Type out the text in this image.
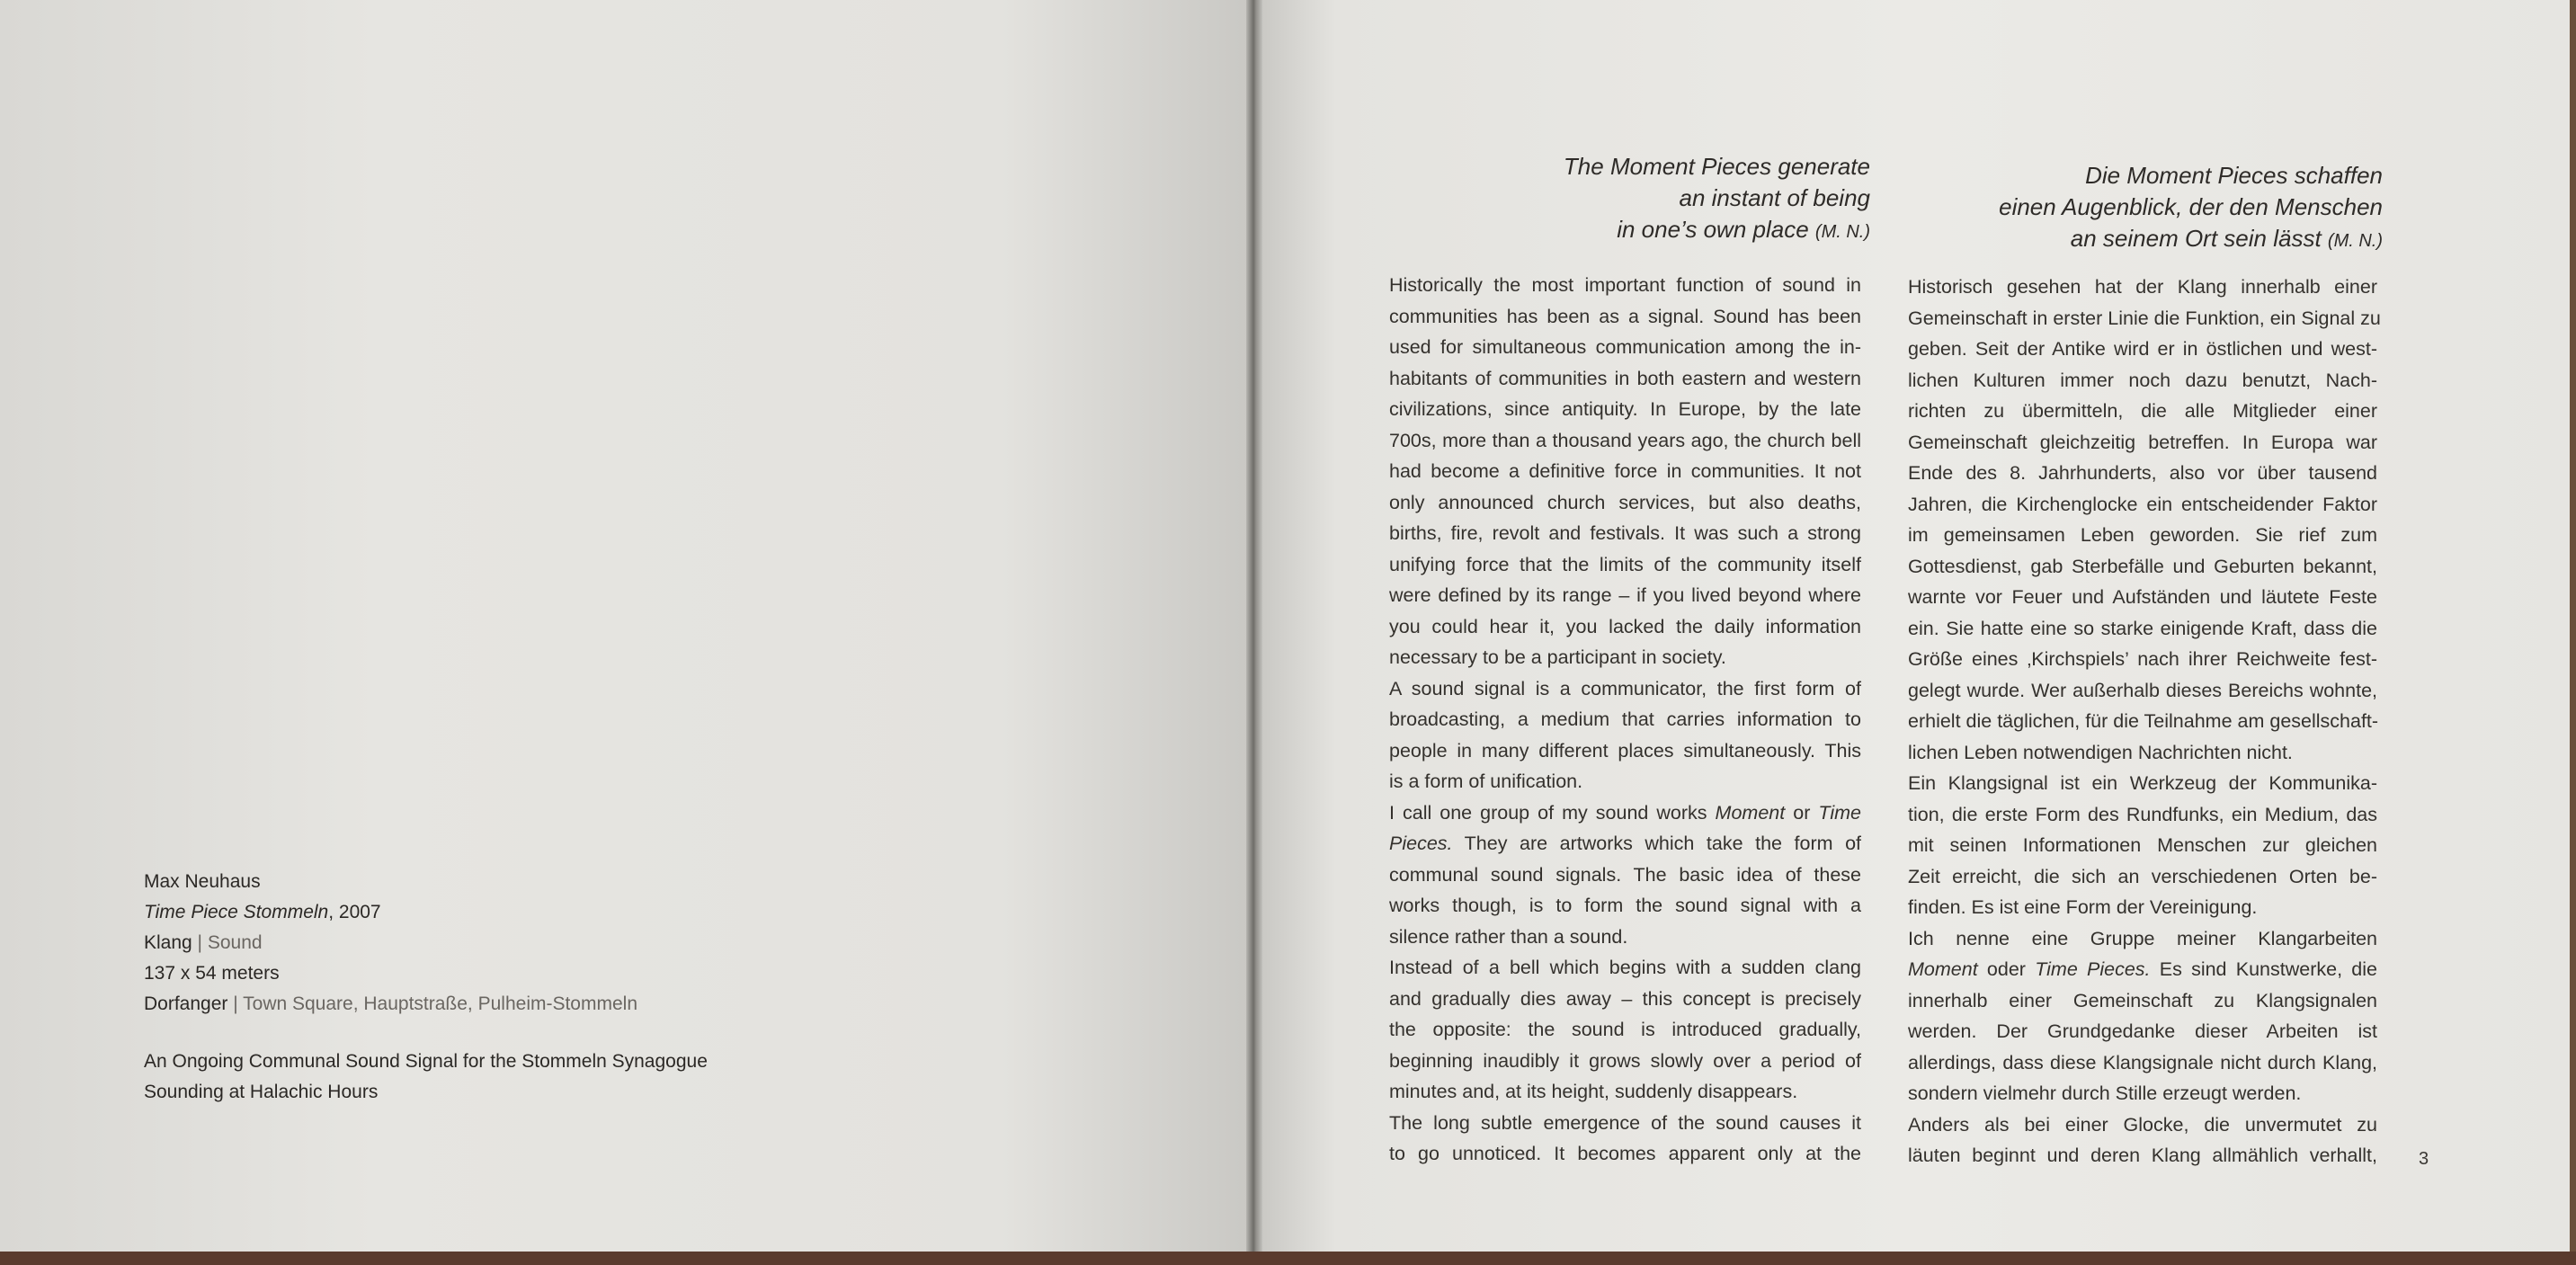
Max Neuhaus
Time Piece Stommeln, 2007
Klang | Sound
137 x 54 meters
Dorfanger | Town Square, Hauptstraße, Pulheim-Stommeln
An Ongoing Communal Sound Signal for the Stommeln Synagogue
Sounding at Halachic Hours
The Moment Pieces generate
an instant of being
in one’s own place (M. N.)
Die Moment Pieces schaffen
einen Augenblick, der den Menschen
an seinem Ort sein lässt (M. N.)
Historically the most important function of sound in
communities has been as a signal. Sound has been
used for simultaneous communication among the in-
habitants of communities in both eastern and western
civilizations, since antiquity. In Europe, by the late
700s, more than a thousand years ago, the church bell
had become a definitive force in communities. It not
only announced church services, but also deaths,
births, fire, revolt and festivals. It was such a strong
unifying force that the limits of the community itself
were defined by its range – if you lived beyond where
you could hear it, you lacked the daily information
necessary to be a participant in society.
A sound signal is a communicator, the first form of
broadcasting, a medium that carries information to
people in many different places simultaneously. This
is a form of unification.
I call one group of my sound works Moment or Time
Pieces. They are artworks which take the form of
communal sound signals. The basic idea of these
works though, is to form the sound signal with a
silence rather than a sound.
Instead of a bell which begins with a sudden clang
and gradually dies away – this concept is precisely
the opposite: the sound is introduced gradually,
beginning inaudibly it grows slowly over a period of
minutes and, at its height, suddenly disappears.
The long subtle emergence of the sound causes it
to go unnoticed. It becomes apparent only at the
Historisch gesehen hat der Klang innerhalb einer
Gemeinschaft in erster Linie die Funktion, ein Signal zu
geben. Seit der Antike wird er in östlichen und west-
lichen Kulturen immer noch dazu benutzt, Nach-
richten zu übermitteln, die alle Mitglieder einer
Gemeinschaft gleichzeitig betreffen. In Europa war
Ende des 8. Jahrhunderts, also vor über tausend
Jahren, die Kirchenglocke ein entscheidender Faktor
im gemeinsamen Leben geworden. Sie rief zum
Gottesdienst, gab Sterbefälle und Geburten bekannt,
warnte vor Feuer und Aufständen und läutete Feste
ein. Sie hatte eine so starke einigende Kraft, dass die
Größe eines ‚Kirchspiels’ nach ihrer Reichweite fest-
gelegt wurde. Wer außerhalb dieses Bereichs wohnte,
erhielt die täglichen, für die Teilnahme am gesellschaft-
lichen Leben notwendigen Nachrichten nicht.
Ein Klangsignal ist ein Werkzeug der Kommunika-
tion, die erste Form des Rundfunks, ein Medium, das
mit seinen Informationen Menschen zur gleichen
Zeit erreicht, die sich an verschiedenen Orten be-
finden. Es ist eine Form der Vereinigung.
Ich nenne eine Gruppe meiner Klangarbeiten
Moment oder Time Pieces. Es sind Kunstwerke, die
innerhalb einer Gemeinschaft zu Klangsignalen
werden. Der Grundgedanke dieser Arbeiten ist
allerdings, dass diese Klangsignale nicht durch Klang,
sondern vielmehr durch Stille erzeugt werden.
Anders als bei einer Glocke, die unvermutet zu
läuten beginnt und deren Klang allmählich verhallt, 3
